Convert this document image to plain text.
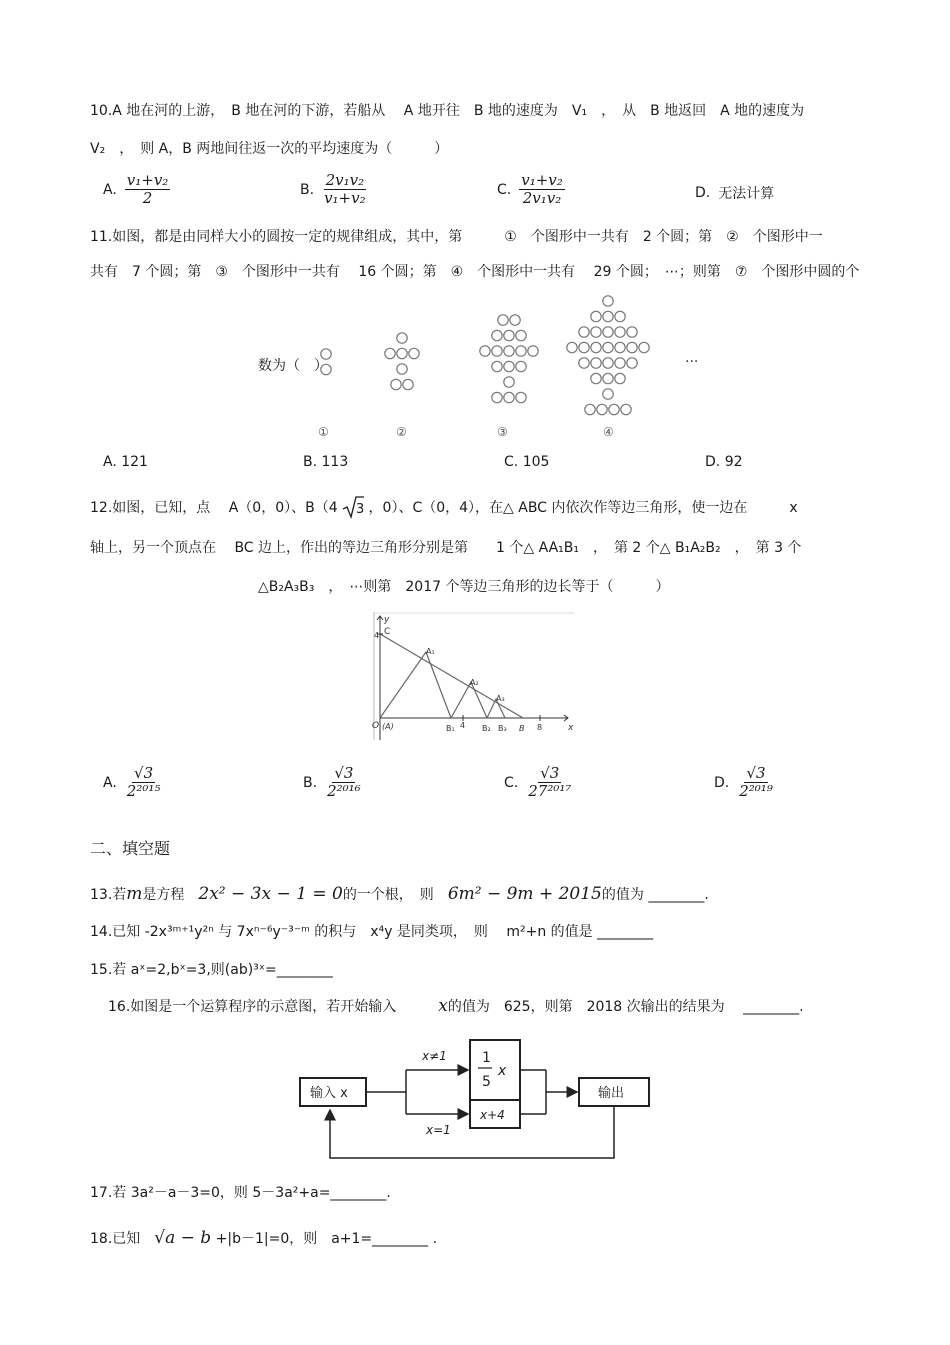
10.A 地在河的上游，　B 地在河的下游，若船从　 A 地开往　B 地的速度为　V₁　，　从　B 地返回　A 地的速度为
V₂　，　则 A，B 两地间往返一次的平均速度为（　　　）
A. $\frac{\text{v₁+v₂}}{2}$	B. $\frac{\text{2v₁v₂}}{\text{v₁+v₂}}$	C. $\frac{\text{v₁+v₂}}{\text{2v₁v₂}}$	D. 无法计算
11.如图，都是由同样大小的圆按一定的规律组成，其中，第　　　①　个图形中一共有　2 个圆；第　②　个图形中一
共有　7 个圆；第　③　个图形中一共有　 16 个圆；第　④　个图形中一共有　 29 个圆；　⋯；则第　⑦　个图形中圆的个
数为（　）	···
①	②	③	④
A. 121	B. 113	C. 105	D. 92
12.如图，已知，点　 A（0，0）、B（4 3 ，0）、C（0，4），在△ ABC 内依次作等边三角形，使一边在　　　x
轴上，另一个顶点在　 BC 边上，作出的等边三角形分别是第　　1 个△ AA₁B₁　，　第 2 个△ B₁A₂B₂　，　第 3 个
△B₂A₃B₃　，　⋯则第　2017 个等边三角形的边长等于（　　　）
y
x
C
4
O (A)
A₁
A₂
A₃
B₁ 4 B₂ B₃ B 8
A. $\frac{√3}{\text{2²⁰¹⁵}}$	B. $\frac{√3}{\text{2²⁰¹⁶}}$	C. $\frac{√3}{\text{27²⁰¹⁷}}$	D. $\frac{√3}{\text{2²⁰¹⁹}}$
二、填空题
13.若m是方程　 2x² − 3x − 1 = 0的一个根，　则　 6m² − 9m + 2015的值为 ________.
14.已知 -2x³ᵐ⁺¹y²ⁿ 与 7xⁿ⁻⁶y⁻³⁻ᵐ 的积与　x⁴y 是同类项，　则　 m²+n 的值是 ________
15.若 aˣ=2,bˣ=3,则(ab)³ˣ=________
16.如图是一个运算程序的示意图，若开始输入　　　 x的值为　625，则第　2018 次输出的结果为　 ________.
输入 x
x≠1
x=1
1
5
x
x+4
输出
17.若 3a²－a－3=0，则 5－3a²+a=________.
18.已知　 √a − b +|b－1|=0，则　a+1=________ .
